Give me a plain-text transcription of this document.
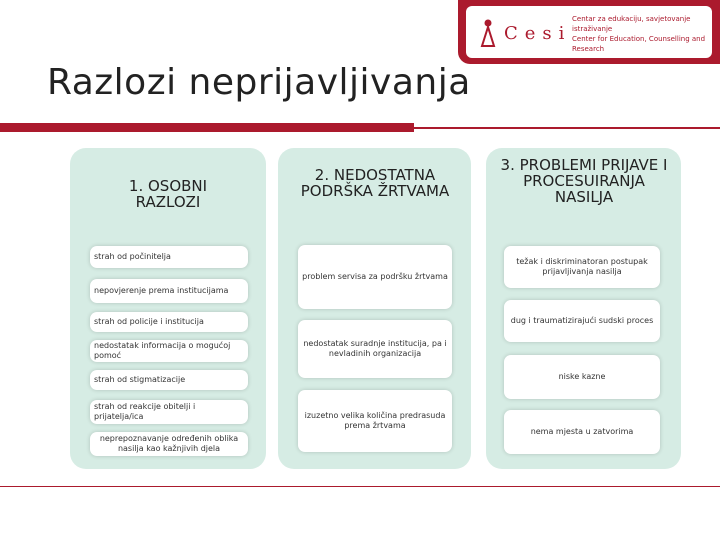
Cesi
Centar za edukaciju, savjetovanje istraživanje
Center for Education, Counselling and Research
Razlozi neprijavljivanja
1. OSOBNI RAZLOZI
2. NEDOSTATNA PODRŠKA ŽRTVAMA
3. PROBLEMI PRIJAVE I PROCESUIRANJA NASILJA
strah od počinitelja
nepovjerenje prema institucijama
strah od policije i institucija
nedostatak informacija o mogućoj pomoć
strah od stigmatizacije
strah od reakcije obitelji i prijatelja/ica
neprepoznavanje određenih oblika nasilja kao kažnjivih djela
problem servisa za podršku žrtvama
nedostatak suradnje institucija, pa i nevladinih organizacija
izuzetno velika količina predrasuda prema žrtvama
težak i diskriminatoran postupak prijavljivanja nasilja
dug i traumatizirajući sudski proces
niske kazne
nema mjesta u zatvorima
